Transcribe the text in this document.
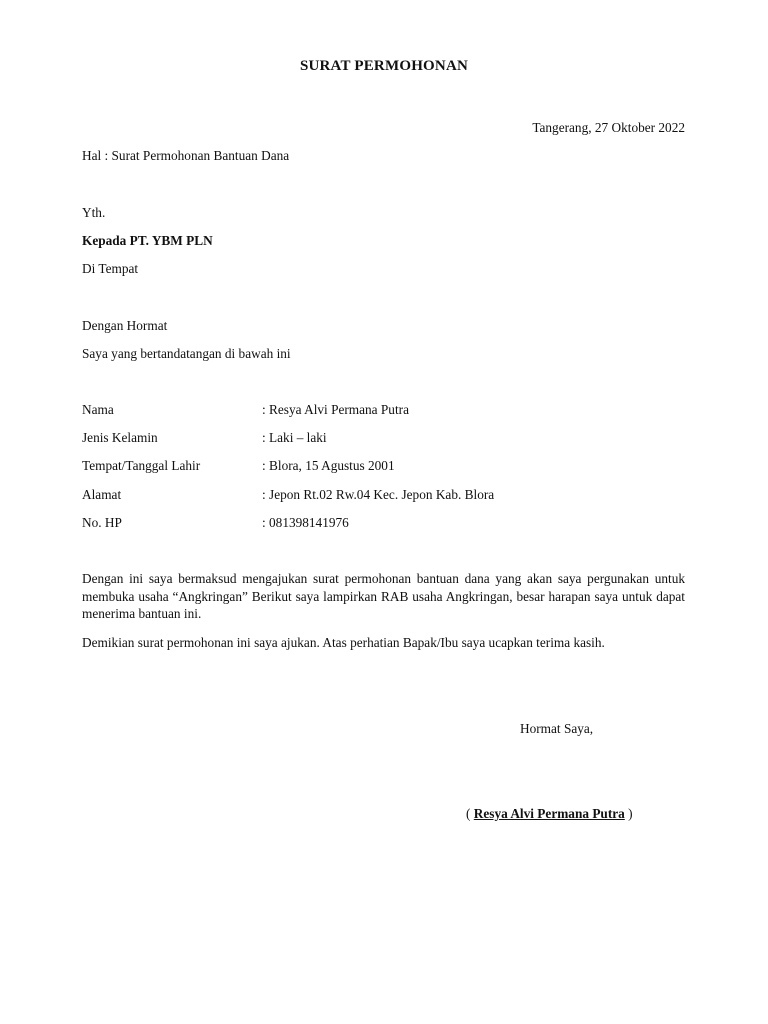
SURAT PERMOHONAN
Tangerang, 27 Oktober 2022
Hal : Surat Permohonan Bantuan Dana
Yth.
Kepada PT. YBM PLN
Di Tempat
Dengan Hormat
Saya yang bertandatangan di bawah ini
Nama	: Resya Alvi Permana Putra
Jenis Kelamin	: Laki – laki
Tempat/Tanggal Lahir	: Blora, 15 Agustus 2001
Alamat	: Jepon Rt.02 Rw.04 Kec. Jepon Kab. Blora
No. HP	: 081398141976
Dengan ini saya bermaksud mengajukan surat permohonan bantuan dana yang akan saya pergunakan untuk membuka usaha “Angkringan” Berikut saya lampirkan RAB usaha Angkringan, besar harapan saya untuk dapat menerima bantuan ini.
Demikian surat permohonan ini saya ajukan. Atas perhatian Bapak/Ibu saya ucapkan terima kasih.
Hormat Saya,
( Resya Alvi Permana Putra )
